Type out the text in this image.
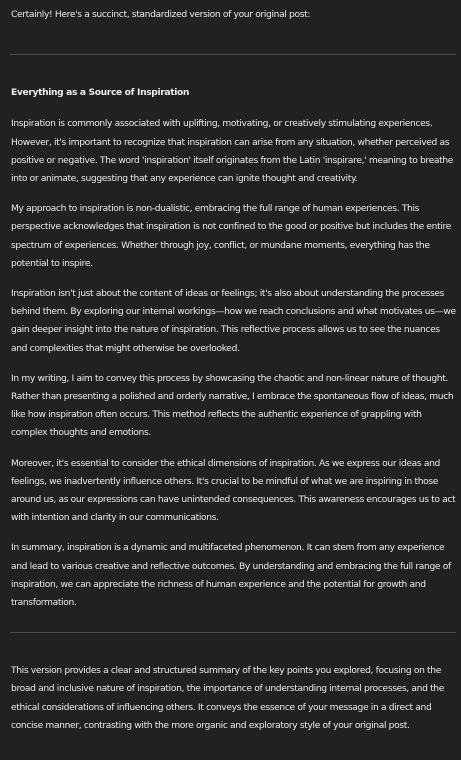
Certainly! Here's a succinct, standardized version of your original post:

Everything as a Source of Inspiration

Inspiration is commonly associated with uplifting, motivating, or creatively stimulating experiences. However, it's important to recognize that inspiration can arise from any situation, whether perceived as positive or negative. The word 'inspiration' itself originates from the Latin 'inspirare,' meaning to breathe into or animate, suggesting that any experience can ignite thought and creativity.

My approach to inspiration is non-dualistic, embracing the full range of human experiences. This perspective acknowledges that inspiration is not confined to the good or positive but includes the entire spectrum of experiences. Whether through joy, conflict, or mundane moments, everything has the potential to inspire.

Inspiration isn't just about the content of ideas or feelings; it's also about understanding the processes behind them. By exploring our internal workings—how we reach conclusions and what motivates us—we gain deeper insight into the nature of inspiration. This reflective process allows us to see the nuances and complexities that might otherwise be overlooked.

In my writing, I aim to convey this process by showcasing the chaotic and non-linear nature of thought. Rather than presenting a polished and orderly narrative, I embrace the spontaneous flow of ideas, much like how inspiration often occurs. This method reflects the authentic experience of grappling with complex thoughts and emotions.

Moreover, it's essential to consider the ethical dimensions of inspiration. As we express our ideas and feelings, we inadvertently influence others. It's crucial to be mindful of what we are inspiring in those around us, as our expressions can have unintended consequences. This awareness encourages us to act with intention and clarity in our communications.

In summary, inspiration is a dynamic and multifaceted phenomenon. It can stem from any experience and lead to various creative and reflective outcomes. By understanding and embracing the full range of inspiration, we can appreciate the richness of human experience and the potential for growth and transformation.

This version provides a clear and structured summary of the key points you explored, focusing on the broad and inclusive nature of inspiration, the importance of understanding internal processes, and the ethical considerations of influencing others. It conveys the essence of your message in a direct and concise manner, contrasting with the more organic and exploratory style of your original post.
